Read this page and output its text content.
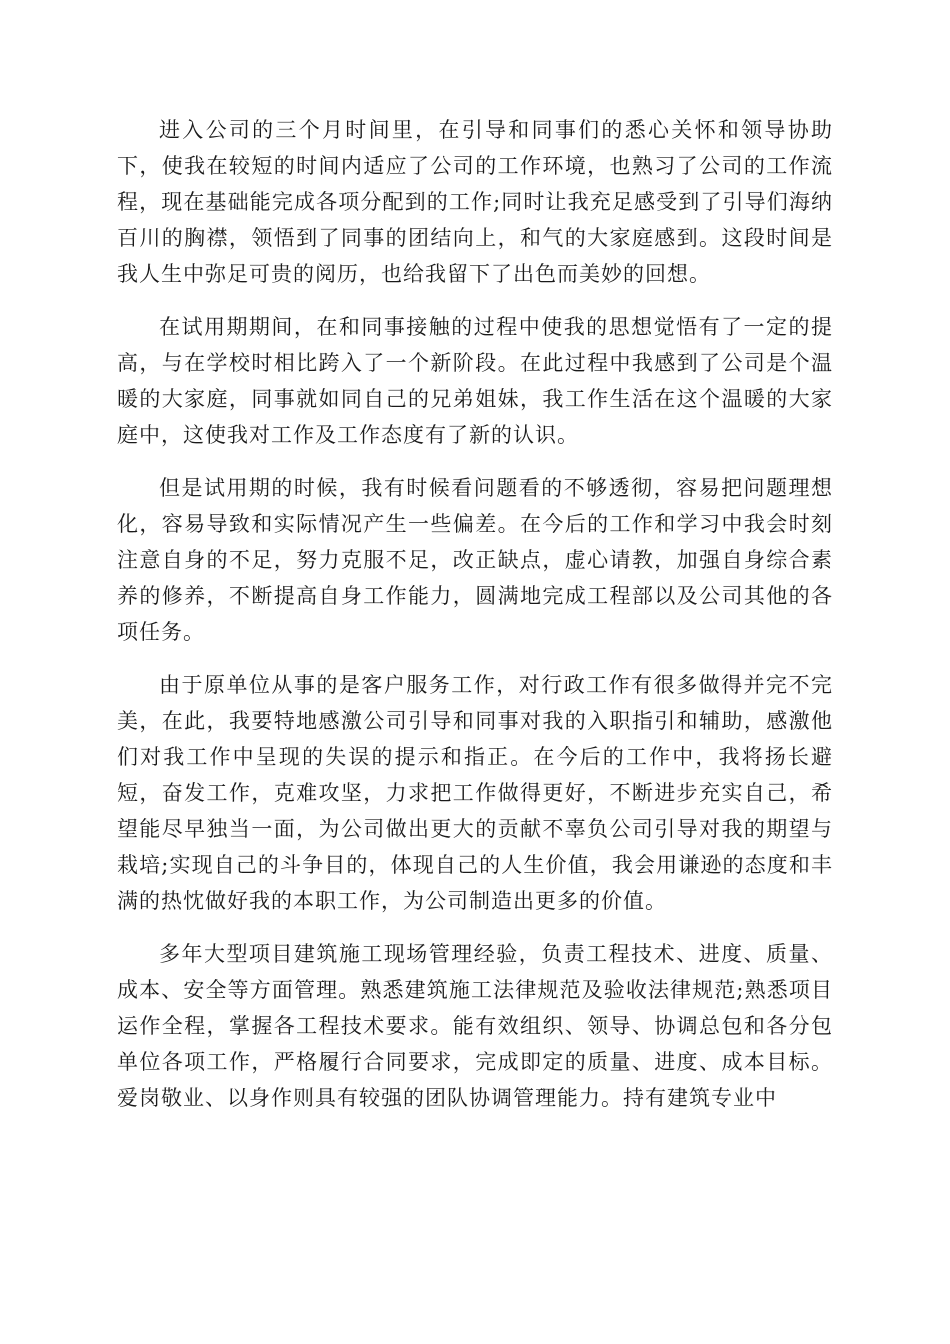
进入公司的三个月时间里，在引导和同事们的悉心关怀和领导协助下，使我在较短的时间内适应了公司的工作环境，也熟习了公司的工作流程，现在基础能完成各项分配到的工作;同时让我充足感受到了引导们海纳百川的胸襟，领悟到了同事的团结向上，和气的大家庭感到。这段时间是我人生中弥足可贵的阅历，也给我留下了出色而美妙的回想。

在试用期期间，在和同事接触的过程中使我的思想觉悟有了一定的提高，与在学校时相比跨入了一个新阶段。在此过程中我感到了公司是个温暖的大家庭，同事就如同自己的兄弟姐妹，我工作生活在这个温暖的大家庭中，这使我对工作及工作态度有了新的认识。

但是试用期的时候，我有时候看问题看的不够透彻，容易把问题理想化，容易导致和实际情况产生一些偏差。在今后的工作和学习中我会时刻注意自身的不足，努力克服不足，改正缺点，虚心请教，加强自身综合素养的修养，不断提高自身工作能力，圆满地完成工程部以及公司其他的各项任务。

由于原单位从事的是客户服务工作，对行政工作有很多做得并完不完美，在此，我要特地感激公司引导和同事对我的入职指引和辅助，感激他们对我工作中呈现的失误的提示和指正。在今后的工作中，我将扬长避短，奋发工作，克难攻坚，力求把工作做得更好，不断进步充实自己，希望能尽早独当一面，为公司做出更大的贡献不辜负公司引导对我的期望与栽培;实现自己的斗争目的，体现自己的人生价值，我会用谦逊的态度和丰满的热忱做好我的本职工作，为公司制造出更多的价值。

多年大型项目建筑施工现场管理经验，负责工程技术、进度、质量、成本、安全等方面管理。熟悉建筑施工法律规范及验收法律规范;熟悉项目运作全程，掌握各工程技术要求。能有效组织、领导、协调总包和各分包单位各项工作，严格履行合同要求，完成即定的质量、进度、成本目标。爱岗敬业、以身作则具有较强的团队协调管理能力。持有建筑专业中
